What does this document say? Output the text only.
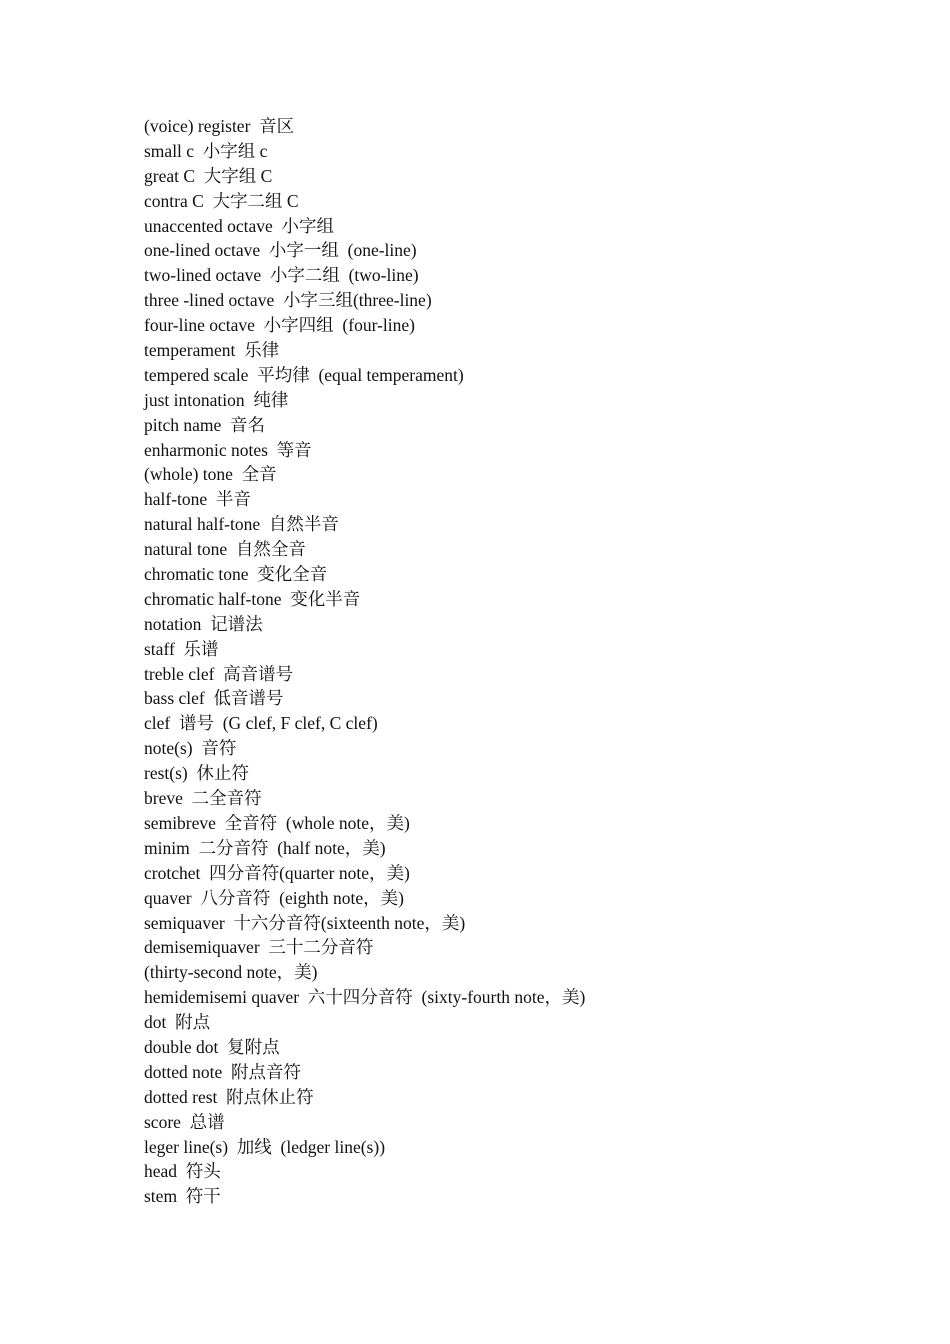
(voice) register  音区
small c  小字组 c
great C  大字组 C
contra C  大字二组 C
unaccented octave  小字组
one-lined octave  小字一组  (one-line)
two-lined octave  小字二组  (two-line)
three -lined octave  小字三组(three-line)
four-line octave  小字四组  (four-line)
temperament  乐律
tempered scale  平均律  (equal temperament)
just intonation  纯律
pitch name  音名
enharmonic notes  等音
(whole) tone  全音
half-tone  半音
natural half-tone  自然半音
natural tone  自然全音
chromatic tone  变化全音
chromatic half-tone  变化半音
notation  记谱法
staff  乐谱
treble clef  高音谱号
bass clef  低音谱号
clef  谱号  (G clef, F clef, C clef)
note(s)  音符
rest(s)  休止符
breve  二全音符
semibreve  全音符  (whole note，美)
minim  二分音符  (half note，美)
crotchet  四分音符(quarter note，美)
quaver  八分音符  (eighth note，美)
semiquaver  十六分音符(sixteenth note，美)
demisemiquaver  三十二分音符
(thirty-second note，美)
hemidemisemi quaver  六十四分音符  (sixty-fourth note，美)
dot  附点
double dot  复附点
dotted note  附点音符
dotted rest  附点休止符
score  总谱
leger line(s)  加线  (ledger line(s))
head  符头
stem  符干
